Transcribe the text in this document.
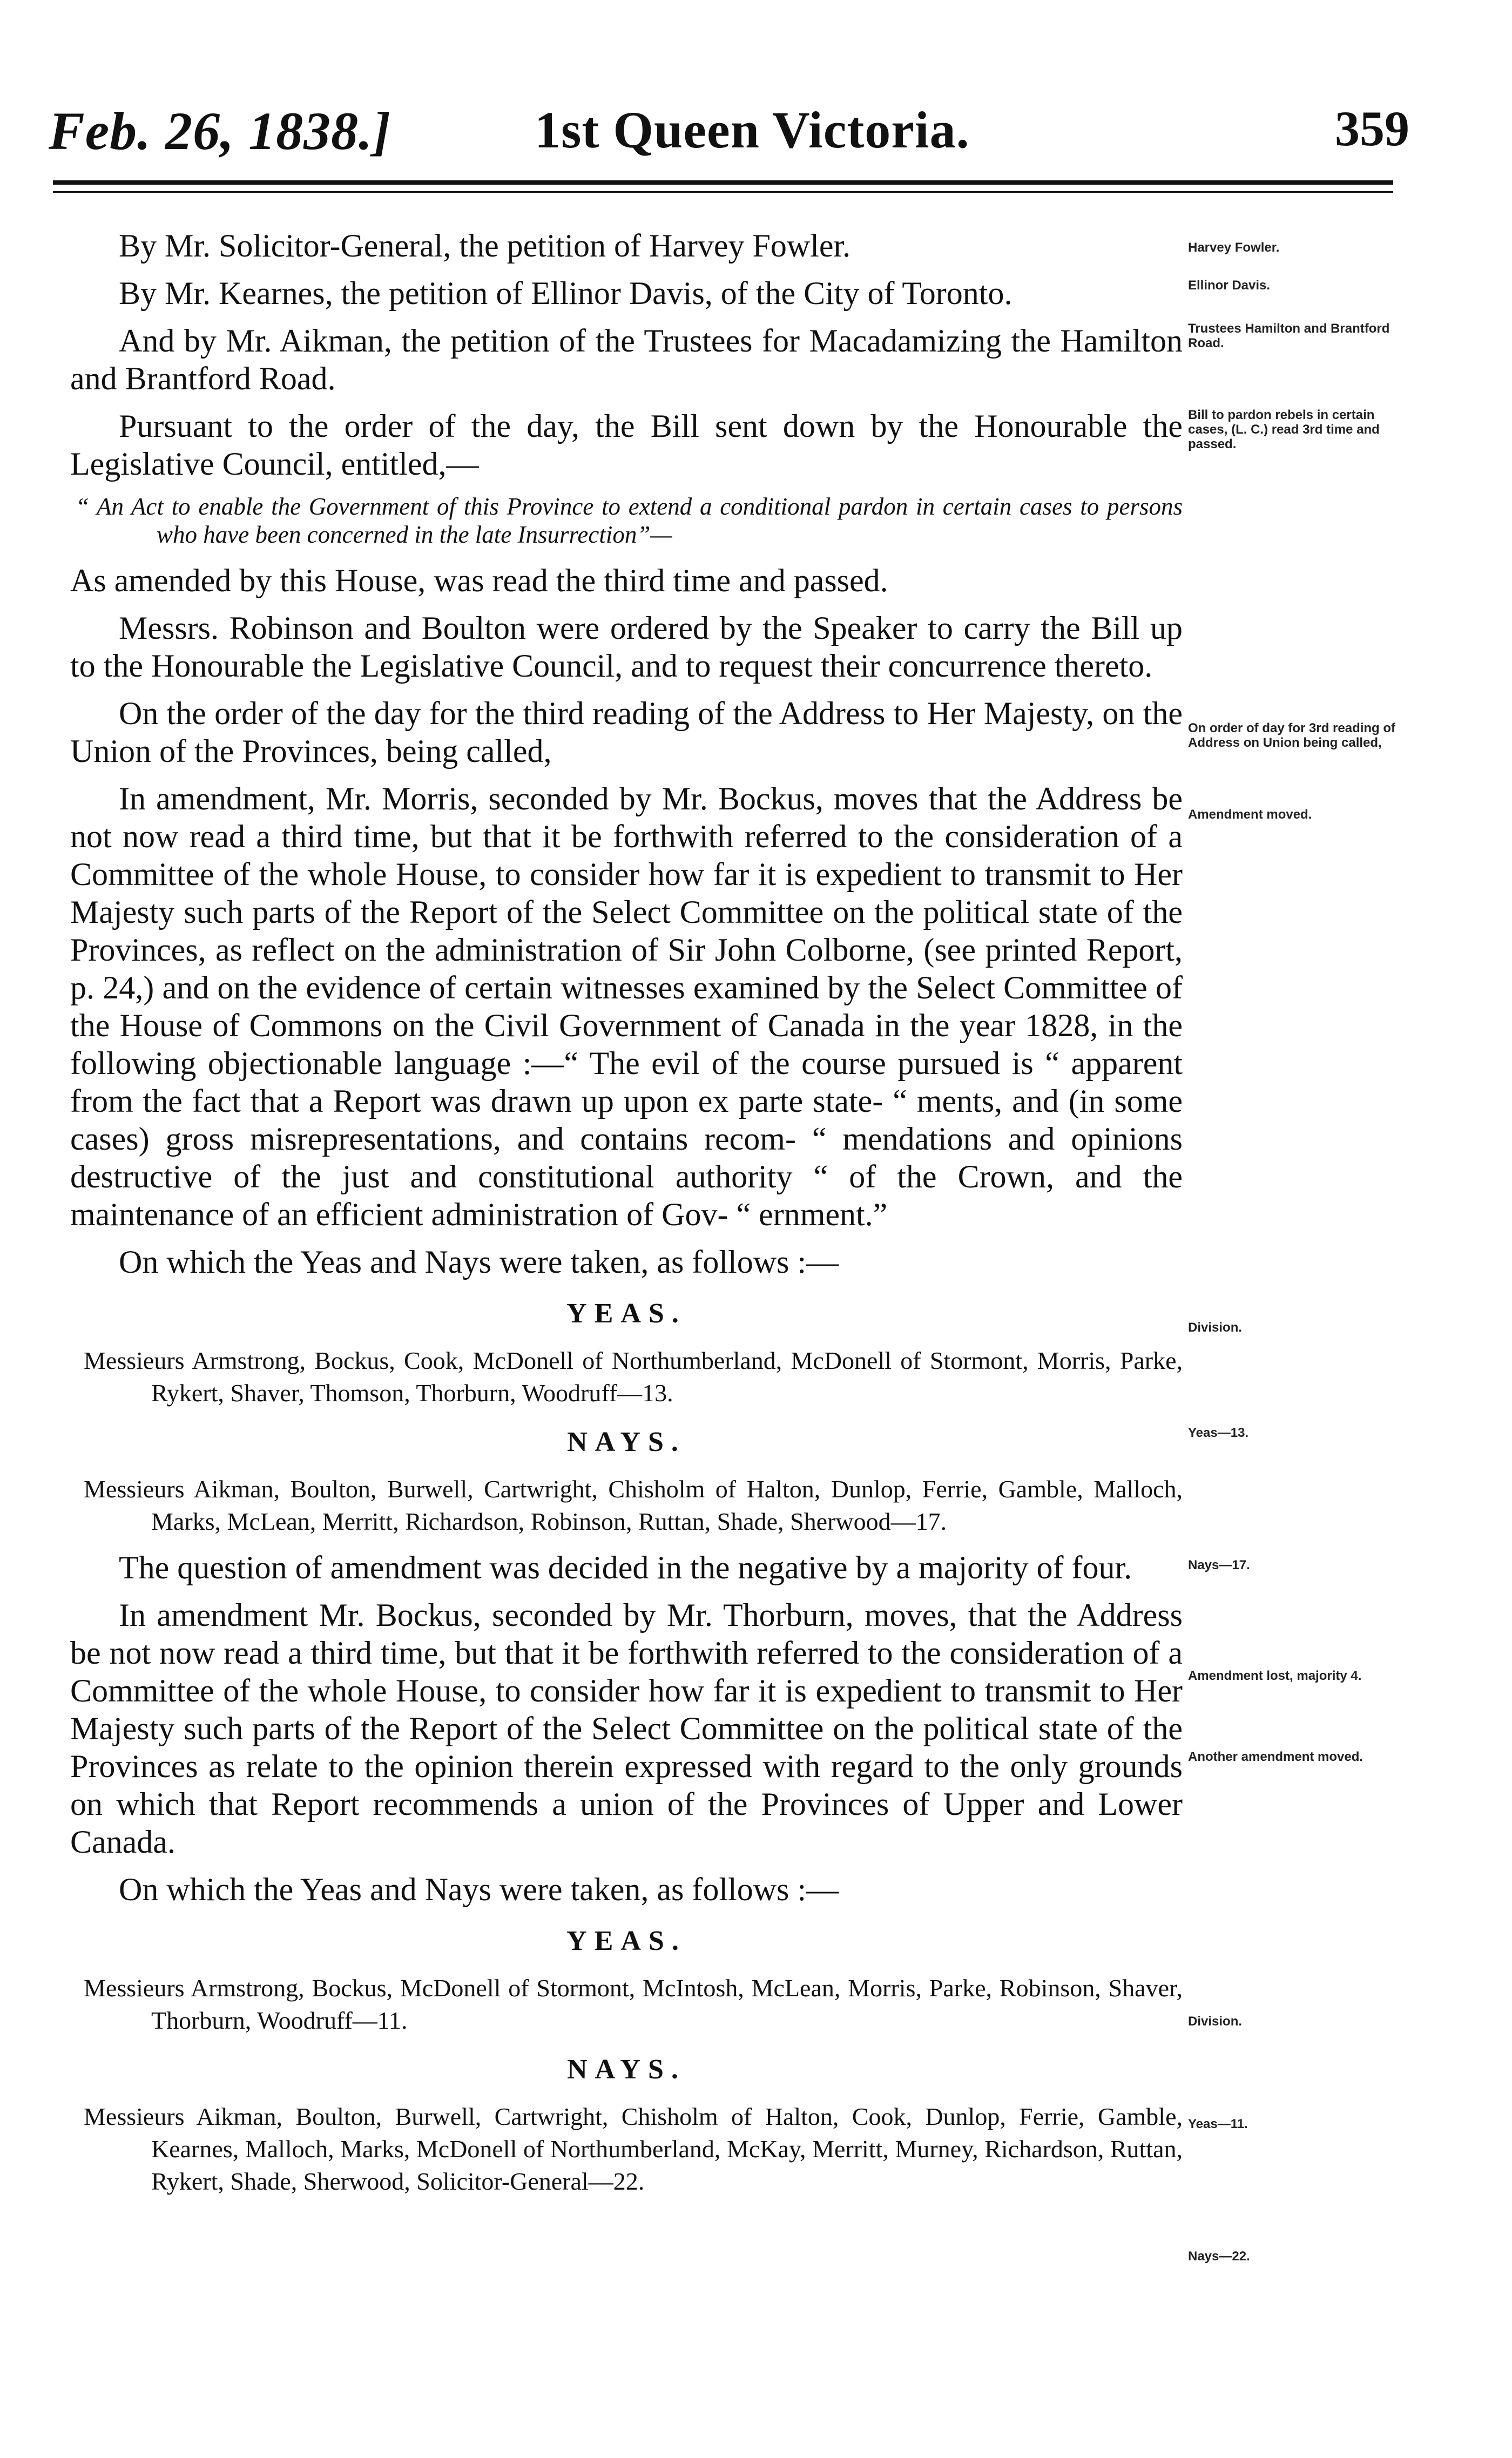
Feb. 26, 1838.]	1st Queen Victoria.	359

By Mr. Solicitor-General, the petition of Harvey Fowler.

By Mr. Kearnes, the petition of Ellinor Davis, of the City of Toronto.

And by Mr. Aikman, the petition of the Trustees for Macadamizing the Hamilton and Brantford Road.

Pursuant to the order of the day, the Bill sent down by the Honourable the Legislative Council, entitled,—

“ An Act to enable the Government of this Province to extend a conditional pardon in certain cases to persons who have been concerned in the late Insurrection”—

As amended by this House, was read the third time and passed.

Messrs. Robinson and Boulton were ordered by the Speaker to carry the Bill up to the Honourable the Legislative Council, and to request their concurrence thereto.

On the order of the day for the third reading of the Address to Her Majesty, on the Union of the Provinces, being called,

In amendment, Mr. Morris, seconded by Mr. Bockus, moves that the Address be not now read a third time, but that it be forthwith referred to the consideration of a Committee of the whole House, to consider how far it is expedient to transmit to Her Majesty such parts of the Report of the Select Committee on the political state of the Provinces, as reflect on the administration of Sir John Colborne, (see printed Report, p. 24,) and on the evidence of certain witnesses examined by the Select Committee of the House of Commons on the Civil Government of Canada in the year 1828, in the following objectionable language :—“ The evil of the course pursued is “ apparent from the fact that a Report was drawn up upon ex parte state- “ ments, and (in some cases) gross misrepresentations, and contains recom- “ mendations and opinions destructive of the just and constitutional authority “ of the Crown, and the maintenance of an efficient administration of Gov- “ ernment.”

On which the Yeas and Nays were taken, as follows :—

YEAS.

Messieurs Armstrong, Bockus, Cook, McDonell of Northumberland, McDonell of Stormont, Morris, Parke, Rykert, Shaver, Thomson, Thorburn, Woodruff—13.

NAYS.

Messieurs Aikman, Boulton, Burwell, Cartwright, Chisholm of Halton, Dunlop, Ferrie, Gamble, Malloch, Marks, McLean, Merritt, Richardson, Robinson, Ruttan, Shade, Sherwood—17.

The question of amendment was decided in the negative by a majority of four.

In amendment Mr. Bockus, seconded by Mr. Thorburn, moves, that the Address be not now read a third time, but that it be forthwith referred to the consideration of a Committee of the whole House, to consider how far it is expedient to transmit to Her Majesty such parts of the Report of the Select Committee on the political state of the Provinces as relate to the opinion therein expressed with regard to the only grounds on which that Report recommends a union of the Provinces of Upper and Lower Canada.

On which the Yeas and Nays were taken, as follows :—

YEAS.

Messieurs Armstrong, Bockus, McDonell of Stormont, McIntosh, McLean, Morris, Parke, Robinson, Shaver, Thorburn, Woodruff—11.

NAYS.

Messieurs Aikman, Boulton, Burwell, Cartwright, Chisholm of Halton, Cook, Dunlop, Ferrie, Gamble, Kearnes, Malloch, Marks, McDonell of Northumberland, McKay, Merritt, Murney, Richardson, Ruttan, Rykert, Shade, Sherwood, Solicitor-General—22.

Harvey Fowler.
Ellinor Davis.
Trustees Hamilton and Brantford Road.
Bill to pardon rebels in certain cases, (L. C.) read 3rd time and passed.
On order of day for 3rd reading of Address on Union being called,
Amendment moved.
Division.
Yeas—13.
Nays—17.
Amendment lost, majority 4.
Another amendment moved.
Division.
Yeas—11.
Nays—22.
